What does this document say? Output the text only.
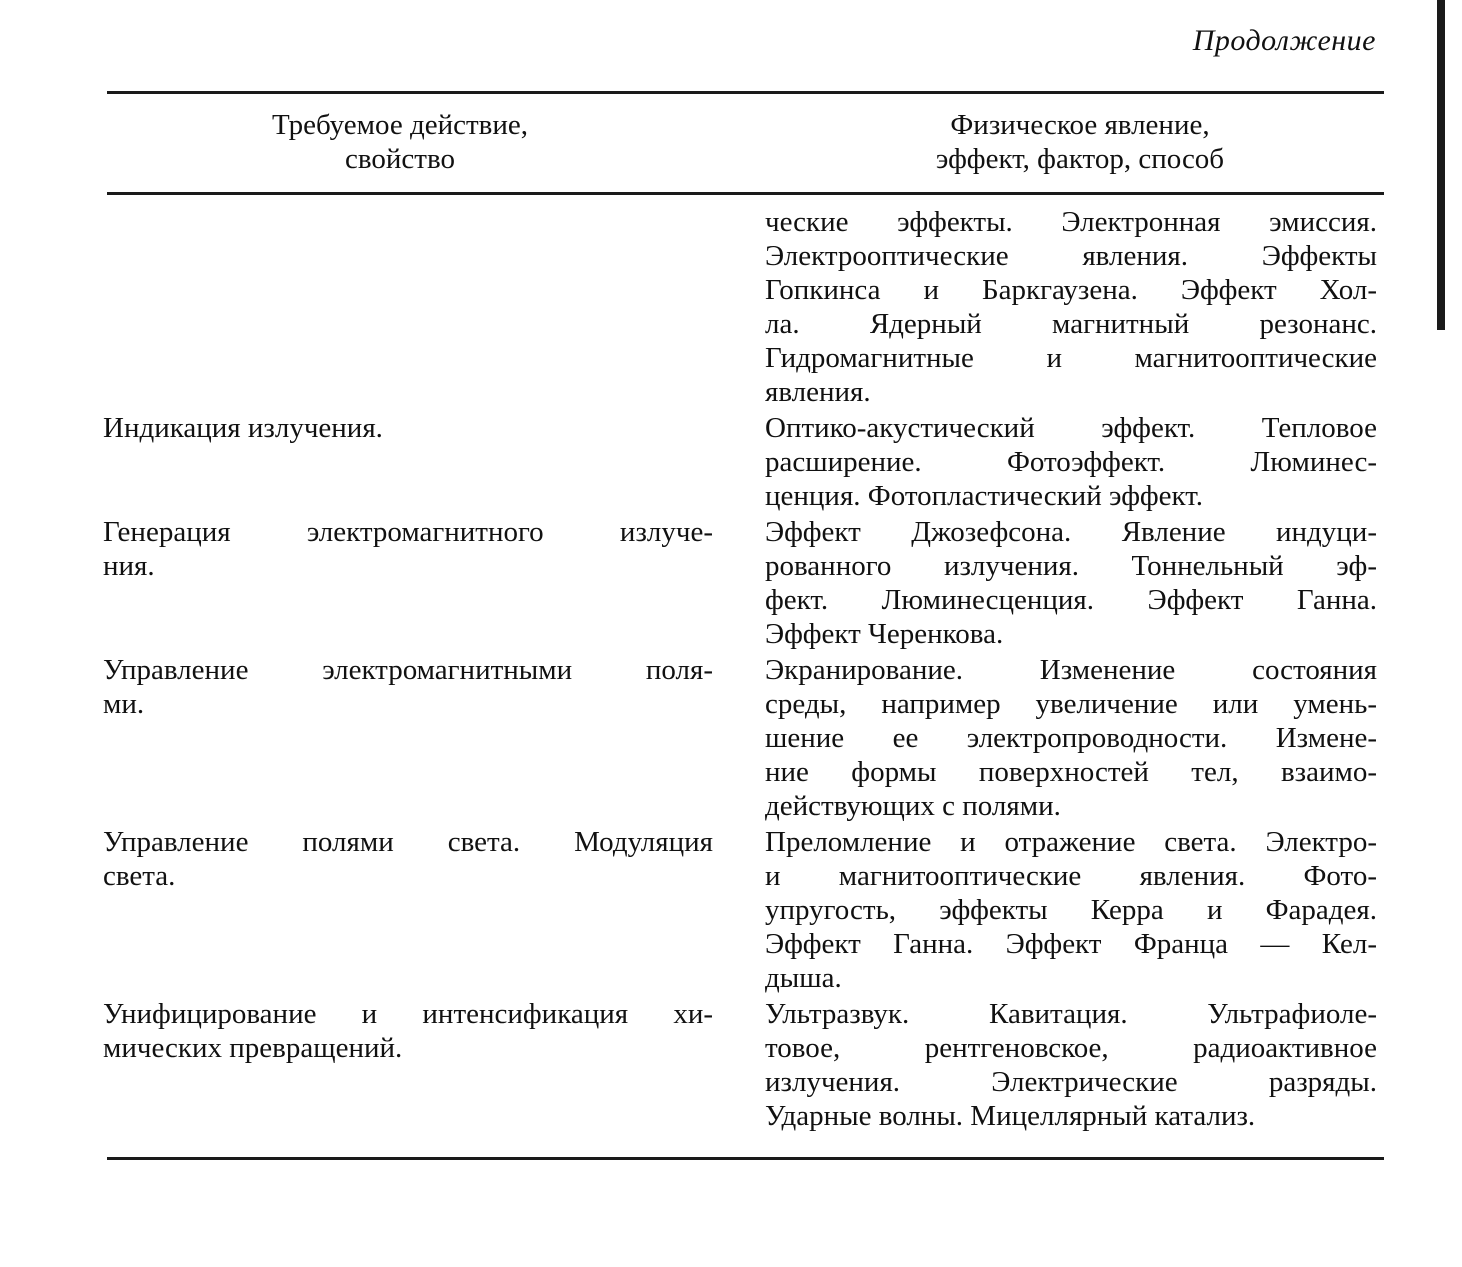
Продолжение
Требуемое действие,
свойство
Физическое явление,
эффект, фактор, способ
ческие эффекты. Электронная эмиссия.
Электрооптические явления. Эффекты
Гопкинса и Баркгаузена. Эффект Хол-
ла. Ядерный магнитный резонанс.
Гидромагнитные и магнитооптические
явления.
Индикация излучения.	Оптико-акустический эффект. Тепловое
расширение. Фотоэффект. Люминес-
ценция. Фотопластический эффект.
Генерация электромагнитного излуче-
ния.
Эффект Джозефсона. Явление индуци-
рованного излучения. Тоннельный эф-
фект. Люминесценция. Эффект Ганна.
Эффект Черенкова.
Управление электромагнитными поля-
ми.
Экранирование. Изменение состояния
среды, например увеличение или умень-
шение ее электропроводности. Измене-
ние формы поверхностей тел, взаимо-
действующих с полями.
Управление полями света. Модуляция
света.
Преломление и отражение света. Электро-
и магнитооптические явления. Фото-
упругость, эффекты Керра и Фарадея.
Эффект Ганна. Эффект Франца — Кел-
дыша.
Унифицирование и интенсификация хи-
мических превращений.
Ультразвук. Кавитация. Ультрафиоле-
товое, рентгеновское, радиоактивное
излучения. Электрические разряды.
Ударные волны. Мицеллярный катализ.
